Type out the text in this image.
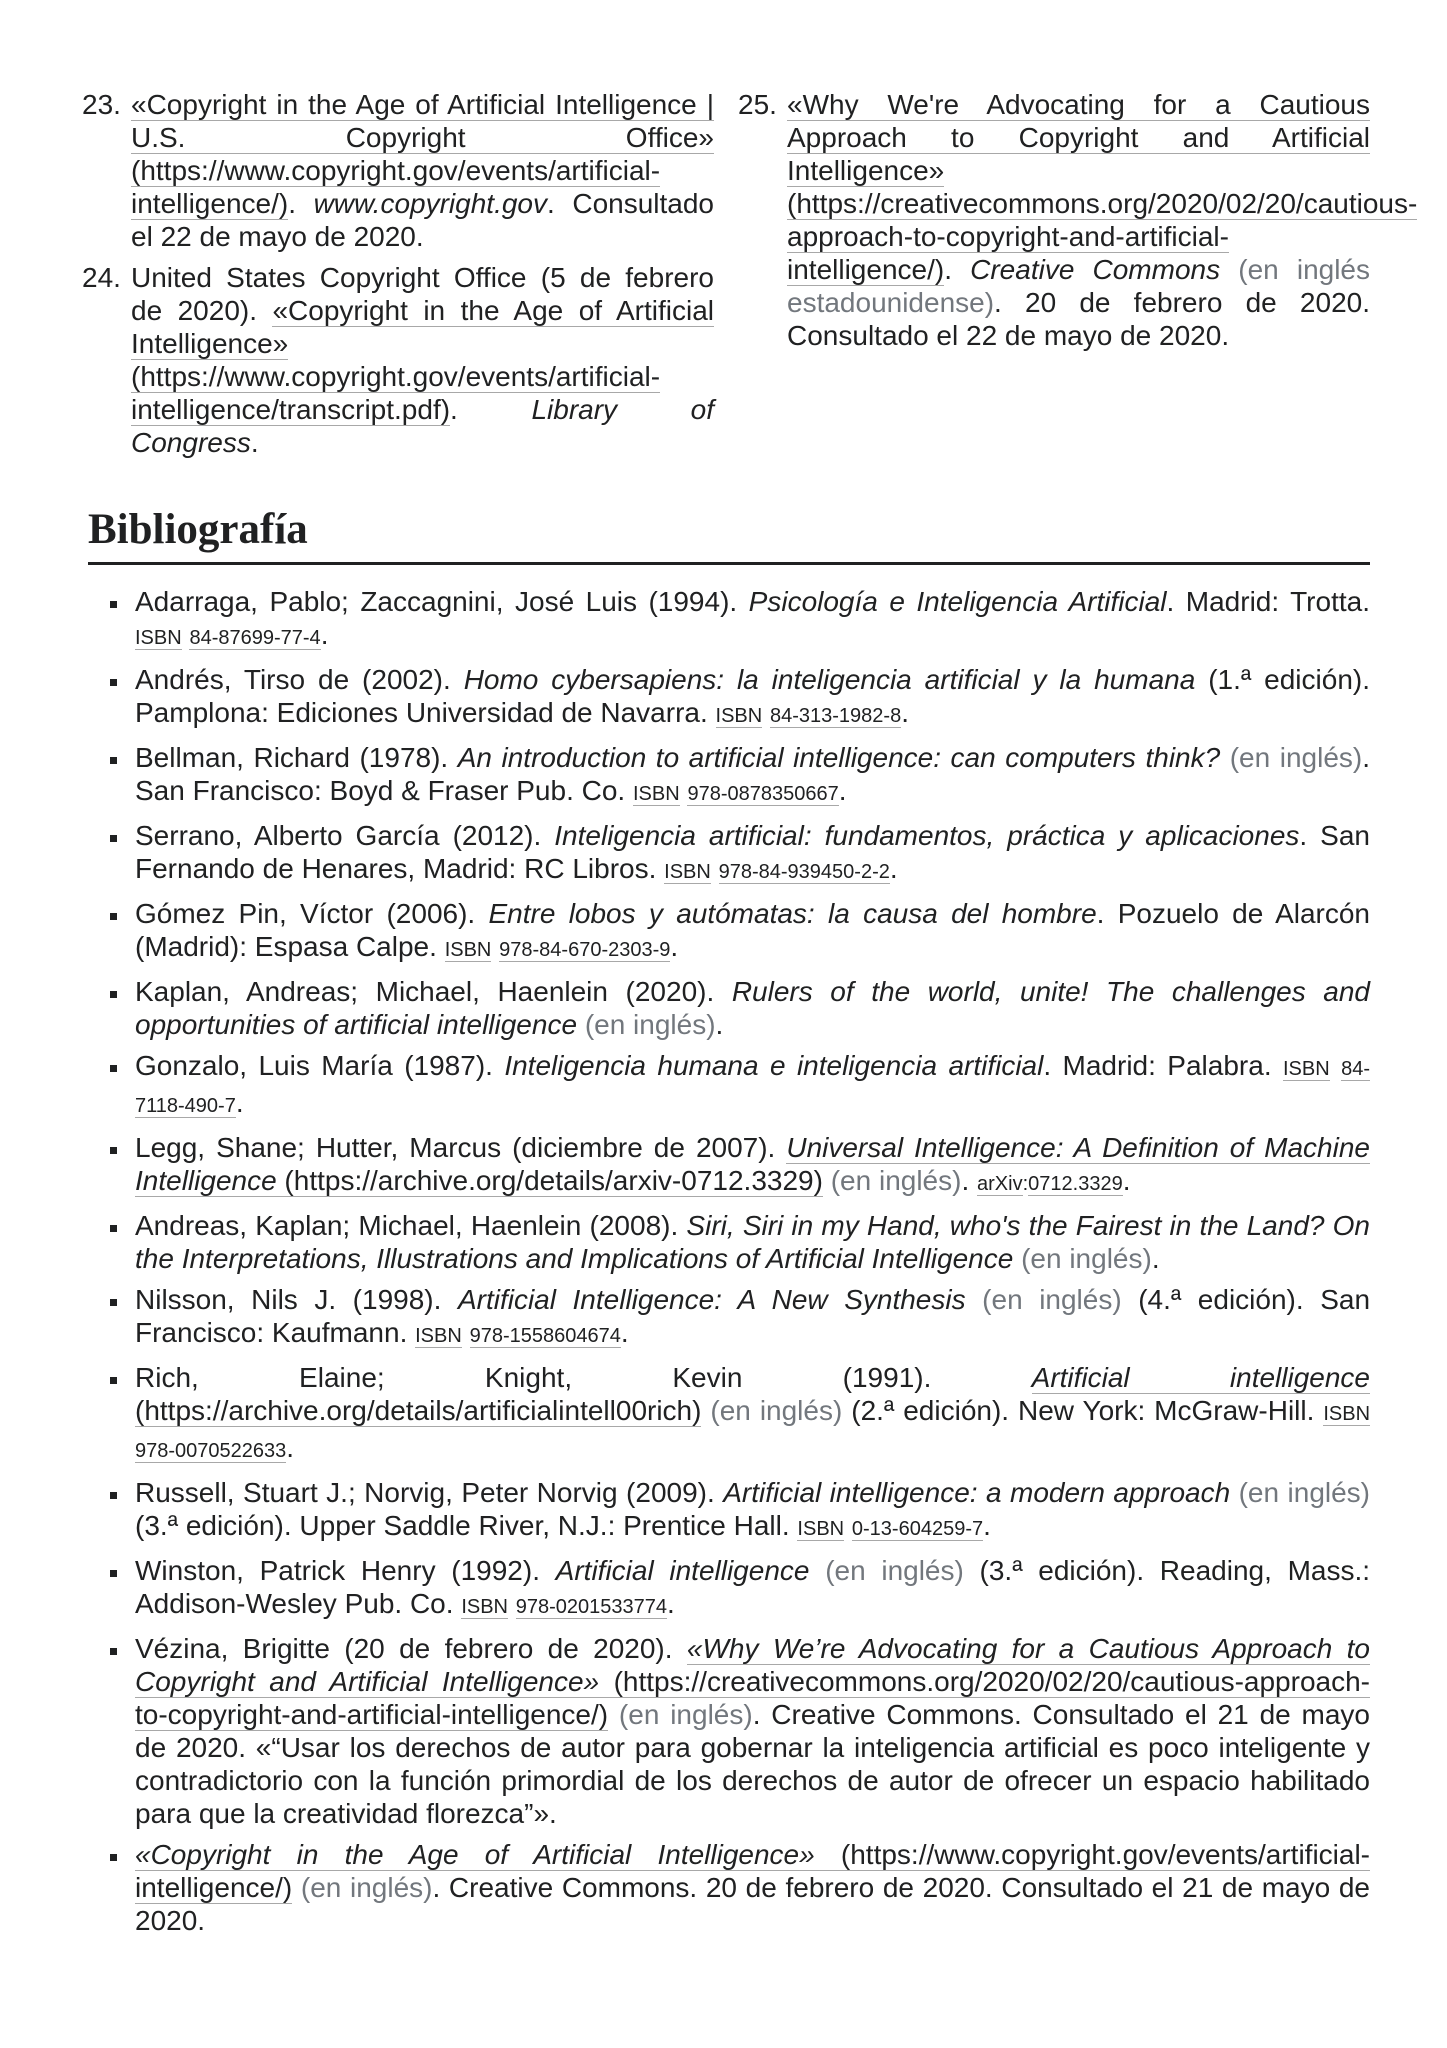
23. «Copyright in the Age of Artificial Intelligence | U.S. Copyright Office» (https://www.copyright.gov/events/artificial-intelligence/). www.copyright.gov. Consultado el 22 de mayo de 2020.
24. United States Copyright Office (5 de febrero de 2020). «Copyright in the Age of Artificial Intelligence» (https://www.copyright.gov/events/artificial-intelligence/transcript.pdf). Library of Congress.
25. «Why We're Advocating for a Cautious Approach to Copyright and Artificial Intelligence» (https://creativecommons.org/2020/02/20/cautious-approach-to-copyright-and-artificial-intelligence/). Creative Commons (en inglés estadounidense). 20 de febrero de 2020. Consultado el 22 de mayo de 2020.
Bibliografía
Adarraga, Pablo; Zaccagnini, José Luis (1994). Psicología e Inteligencia Artificial. Madrid: Trotta. ISBN 84-87699-77-4.
Andrés, Tirso de (2002). Homo cybersapiens: la inteligencia artificial y la humana (1.ª edición). Pamplona: Ediciones Universidad de Navarra. ISBN 84-313-1982-8.
Bellman, Richard (1978). An introduction to artificial intelligence: can computers think? (en inglés). San Francisco: Boyd & Fraser Pub. Co. ISBN 978-0878350667.
Serrano, Alberto García (2012). Inteligencia artificial: fundamentos, práctica y aplicaciones. San Fernando de Henares, Madrid: RC Libros. ISBN 978-84-939450-2-2.
Gómez Pin, Víctor (2006). Entre lobos y autómatas: la causa del hombre. Pozuelo de Alarcón (Madrid): Espasa Calpe. ISBN 978-84-670-2303-9.
Kaplan, Andreas; Michael, Haenlein (2020). Rulers of the world, unite! The challenges and opportunities of artificial intelligence (en inglés).
Gonzalo, Luis María (1987). Inteligencia humana e inteligencia artificial. Madrid: Palabra. ISBN 84-7118-490-7.
Legg, Shane; Hutter, Marcus (diciembre de 2007). Universal Intelligence: A Definition of Machine Intelligence (https://archive.org/details/arxiv-0712.3329) (en inglés). arXiv:0712.3329.
Andreas, Kaplan; Michael, Haenlein (2008). Siri, Siri in my Hand, who's the Fairest in the Land? On the Interpretations, Illustrations and Implications of Artificial Intelligence (en inglés).
Nilsson, Nils J. (1998). Artificial Intelligence: A New Synthesis (en inglés) (4.ª edición). San Francisco: Kaufmann. ISBN 978-1558604674.
Rich, Elaine; Knight, Kevin (1991). Artificial intelligence (https://archive.org/details/artificialintell00rich) (en inglés) (2.ª edición). New York: McGraw-Hill. ISBN 978-0070522633.
Russell, Stuart J.; Norvig, Peter Norvig (2009). Artificial intelligence: a modern approach (en inglés) (3.ª edición). Upper Saddle River, N.J.: Prentice Hall. ISBN 0-13-604259-7.
Winston, Patrick Henry (1992). Artificial intelligence (en inglés) (3.ª edición). Reading, Mass.: Addison-Wesley Pub. Co. ISBN 978-0201533774.
Vézina, Brigitte (20 de febrero de 2020). «Why We’re Advocating for a Cautious Approach to Copyright and Artificial Intelligence» (https://creativecommons.org/2020/02/20/cautious-approach-to-copyright-and-artificial-intelligence/) (en inglés). Creative Commons. Consultado el 21 de mayo de 2020. «“Usar los derechos de autor para gobernar la inteligencia artificial es poco inteligente y contradictorio con la función primordial de los derechos de autor de ofrecer un espacio habilitado para que la creatividad florezca”».
«Copyright in the Age of Artificial Intelligence» (https://www.copyright.gov/events/artificial-intelligence/) (en inglés). Creative Commons. 20 de febrero de 2020. Consultado el 21 de mayo de 2020.
